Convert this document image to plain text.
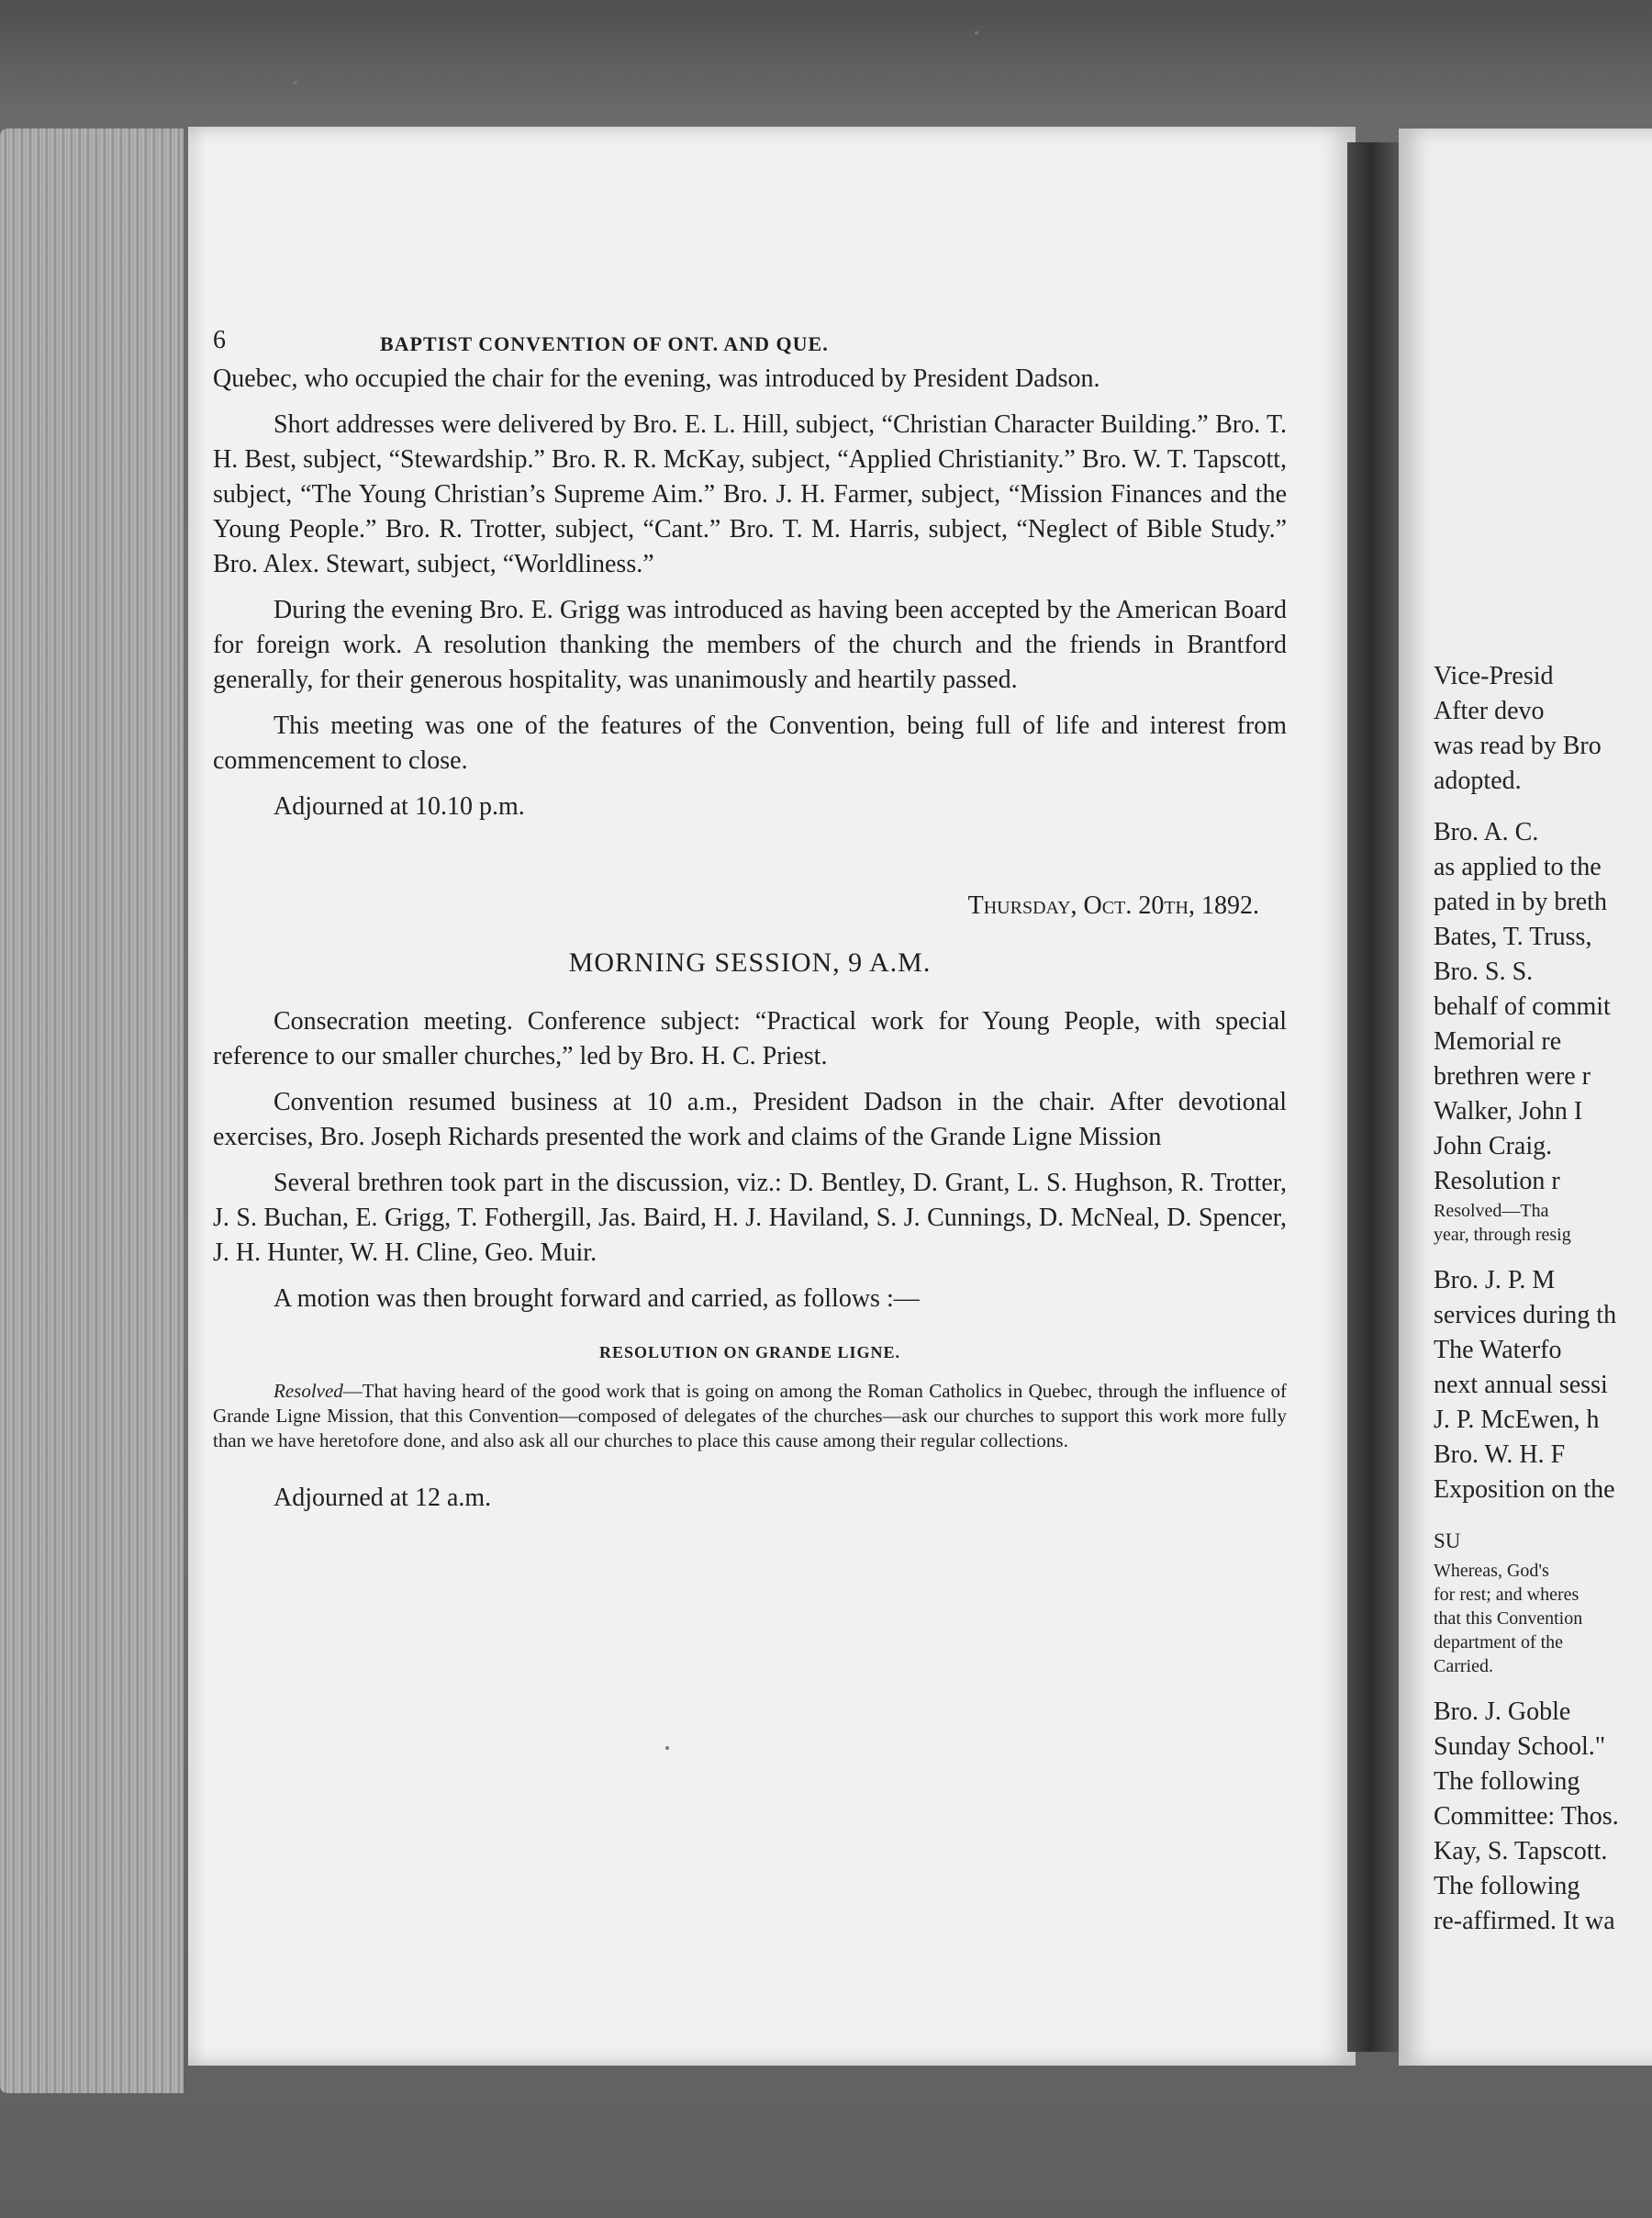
6	BAPTIST CONVENTION OF ONT. AND QUE.

Quebec, who occupied the chair for the evening, was introduced by President Dadson.

Short addresses were delivered by Bro. E. L. Hill, subject, “Christian Character Building.” Bro. T. H. Best, subject, “Stewardship.” Bro. R. R. McKay, subject, “Applied Christianity.” Bro. W. T. Tapscott, subject, “The Young Christian’s Supreme Aim.” Bro. J. H. Farmer, subject, “Mission Finances and the Young People.” Bro. R. Trotter, subject, “Cant.” Bro. T. M. Harris, subject, “Neglect of Bible Study.” Bro. Alex. Stewart, subject, “Worldliness.”

During the evening Bro. E. Grigg was introduced as having been accepted by the American Board for foreign work. A resolution thanking the members of the church and the friends in Brantford generally, for their generous hospitality, was unanimously and heartily passed.

This meeting was one of the features of the Convention, being full of life and interest from commencement to close.

Adjourned at 10.10 p.m.

Thursday, Oct. 20th, 1892.
MORNING SESSION, 9 A.M.

Consecration meeting. Conference subject: “Practical work for Young People, with special reference to our smaller churches,” led by Bro. H. C. Priest.

Convention resumed business at 10 a.m., President Dadson in the chair. After devotional exercises, Bro. Joseph Richards presented the work and claims of the Grande Ligne Mission

Several brethren took part in the discussion, viz.: D. Bentley, D. Grant, L. S. Hughson, R. Trotter, J. S. Buchan, E. Grigg, T. Fothergill, Jas. Baird, H. J. Haviland, S. J. Cunnings, D. McNeal, D. Spencer, J. H. Hunter, W. H. Cline, Geo. Muir.

A motion was then brought forward and carried, as follows :—

RESOLUTION ON GRANDE LIGNE.

Resolved—That having heard of the good work that is going on among the Roman Catholics in Quebec, through the influence of Grande Ligne Mission, that this Convention—composed of delegates of the churches—ask our churches to support this work more fully than we have heretofore done, and also ask all our churches to place this cause among their regular collections.

Adjourned at 12 a.m.

Vice-Presid
After devo
was read by Bro
adopted.
Bro. A. C.
as applied to the
pated in by breth
Bates, T. Truss,
Bro. S. S.
behalf of commit
Memorial re
brethren were r
Walker, John I
John Craig.
Resolution r
Resolved—Tha
year, through resig
Bro. J. P. M
services during th
The Waterfo
next annual sessi
J. P. McEwen, h
Bro. W. H. F
Exposition on the
SU
Whereas, God's
for rest; and wheres
that this Convention
department of the
Carried.
Bro. J. Goble
Sunday School."
The following
Committee: Thos.
Kay, S. Tapscott.
The following
re-affirmed. It wa
